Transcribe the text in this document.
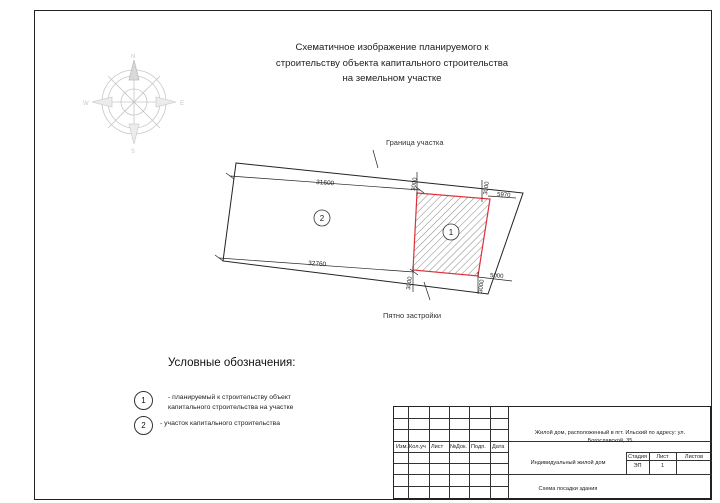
Схематичное изображение планируемого к
строительству объекта капитального строительства
на земельном участке
N
W	E
S
31600
32760
3000	3000
3000	3000
5970
5000
Граница участка
Пятно застройки
2
1
Условные обозначения:
1	- планируемый к строительству объект
капитального строительства на участке
2	- участок капитального строительства
Изм. Кол.уч Лист №Док. Подп. Дата
Жилой дом, расположенный в пгт. Ильский по адресу: ул.
Богославской, 35
Индивидуальный жилой дом
Стадия	Лист	Листов
ЭП	1
Схема посадки здания
